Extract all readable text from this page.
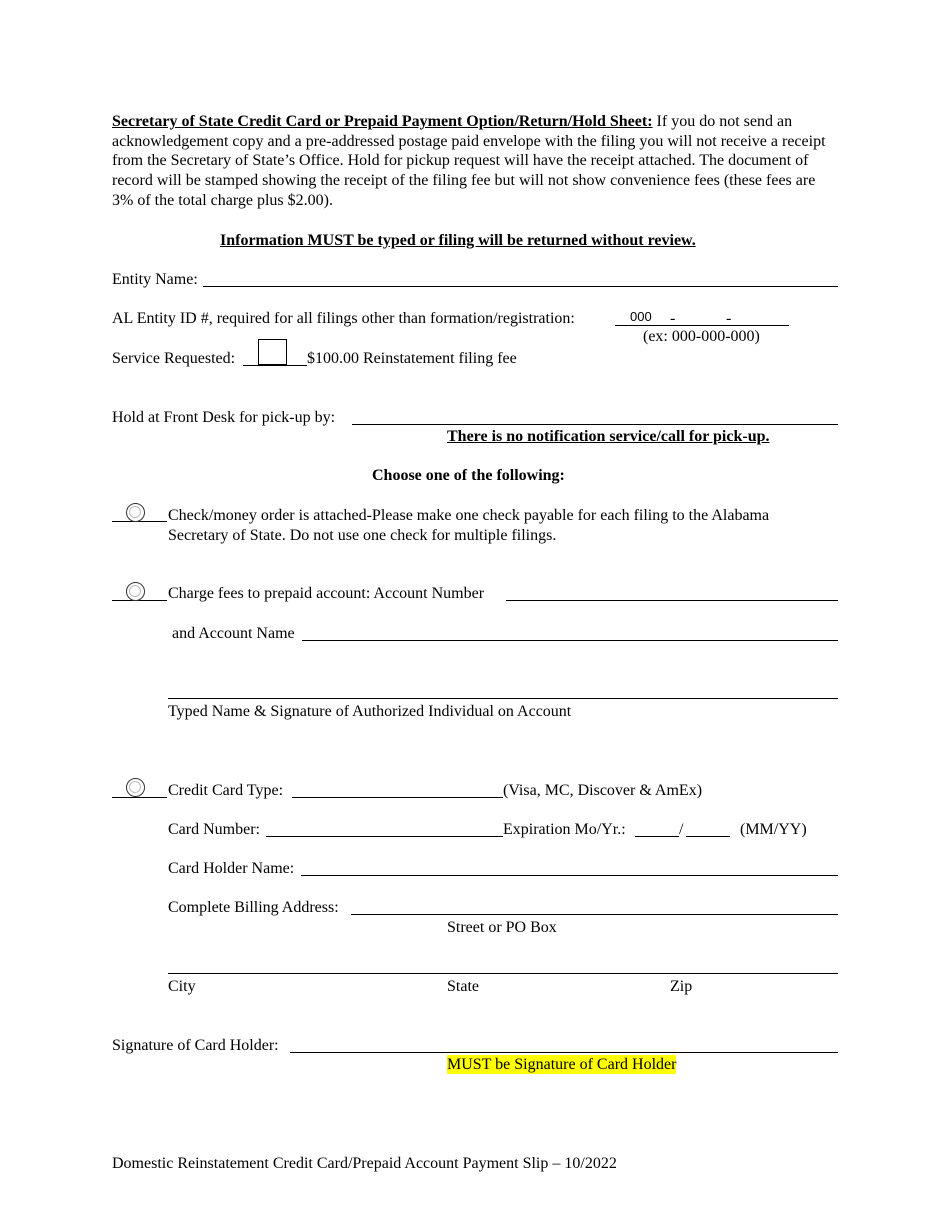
Secretary of State Credit Card or Prepaid Payment Option/Return/Hold Sheet: If you do not send an acknowledgement copy and a pre-addressed postage paid envelope with the filing you will not receive a receipt from the Secretary of State’s Office. Hold for pickup request will have the receipt attached. The document of record will be stamped showing the receipt of the filing fee but will not show convenience fees (these fees are 3% of the total charge plus $2.00).
Information MUST be typed or filing will be returned without review.
Entity Name:
AL Entity ID #, required for all filings other than formation/registration:
000	-	-
(ex: 000-000-000)
Service Requested:	$100.00 Reinstatement filing fee
Hold at Front Desk for pick-up by:
There is no notification service/call for pick-up.
Choose one of the following:
Check/money order is attached-Please make one check payable for each filing to the Alabama
Secretary of State. Do not use one check for multiple filings.
Charge fees to prepaid account: Account Number
and Account Name
Typed Name & Signature of Authorized Individual on Account
Credit Card Type:	(Visa, MC, Discover & AmEx)
Card Number:	Expiration Mo/Yr.:	/	(MM/YY)
Card Holder Name:
Complete Billing Address:
Street or PO Box
City	State	Zip
Signature of Card Holder:
MUST be Signature of Card Holder
Domestic Reinstatement Credit Card/Prepaid Account Payment Slip – 10/2022
